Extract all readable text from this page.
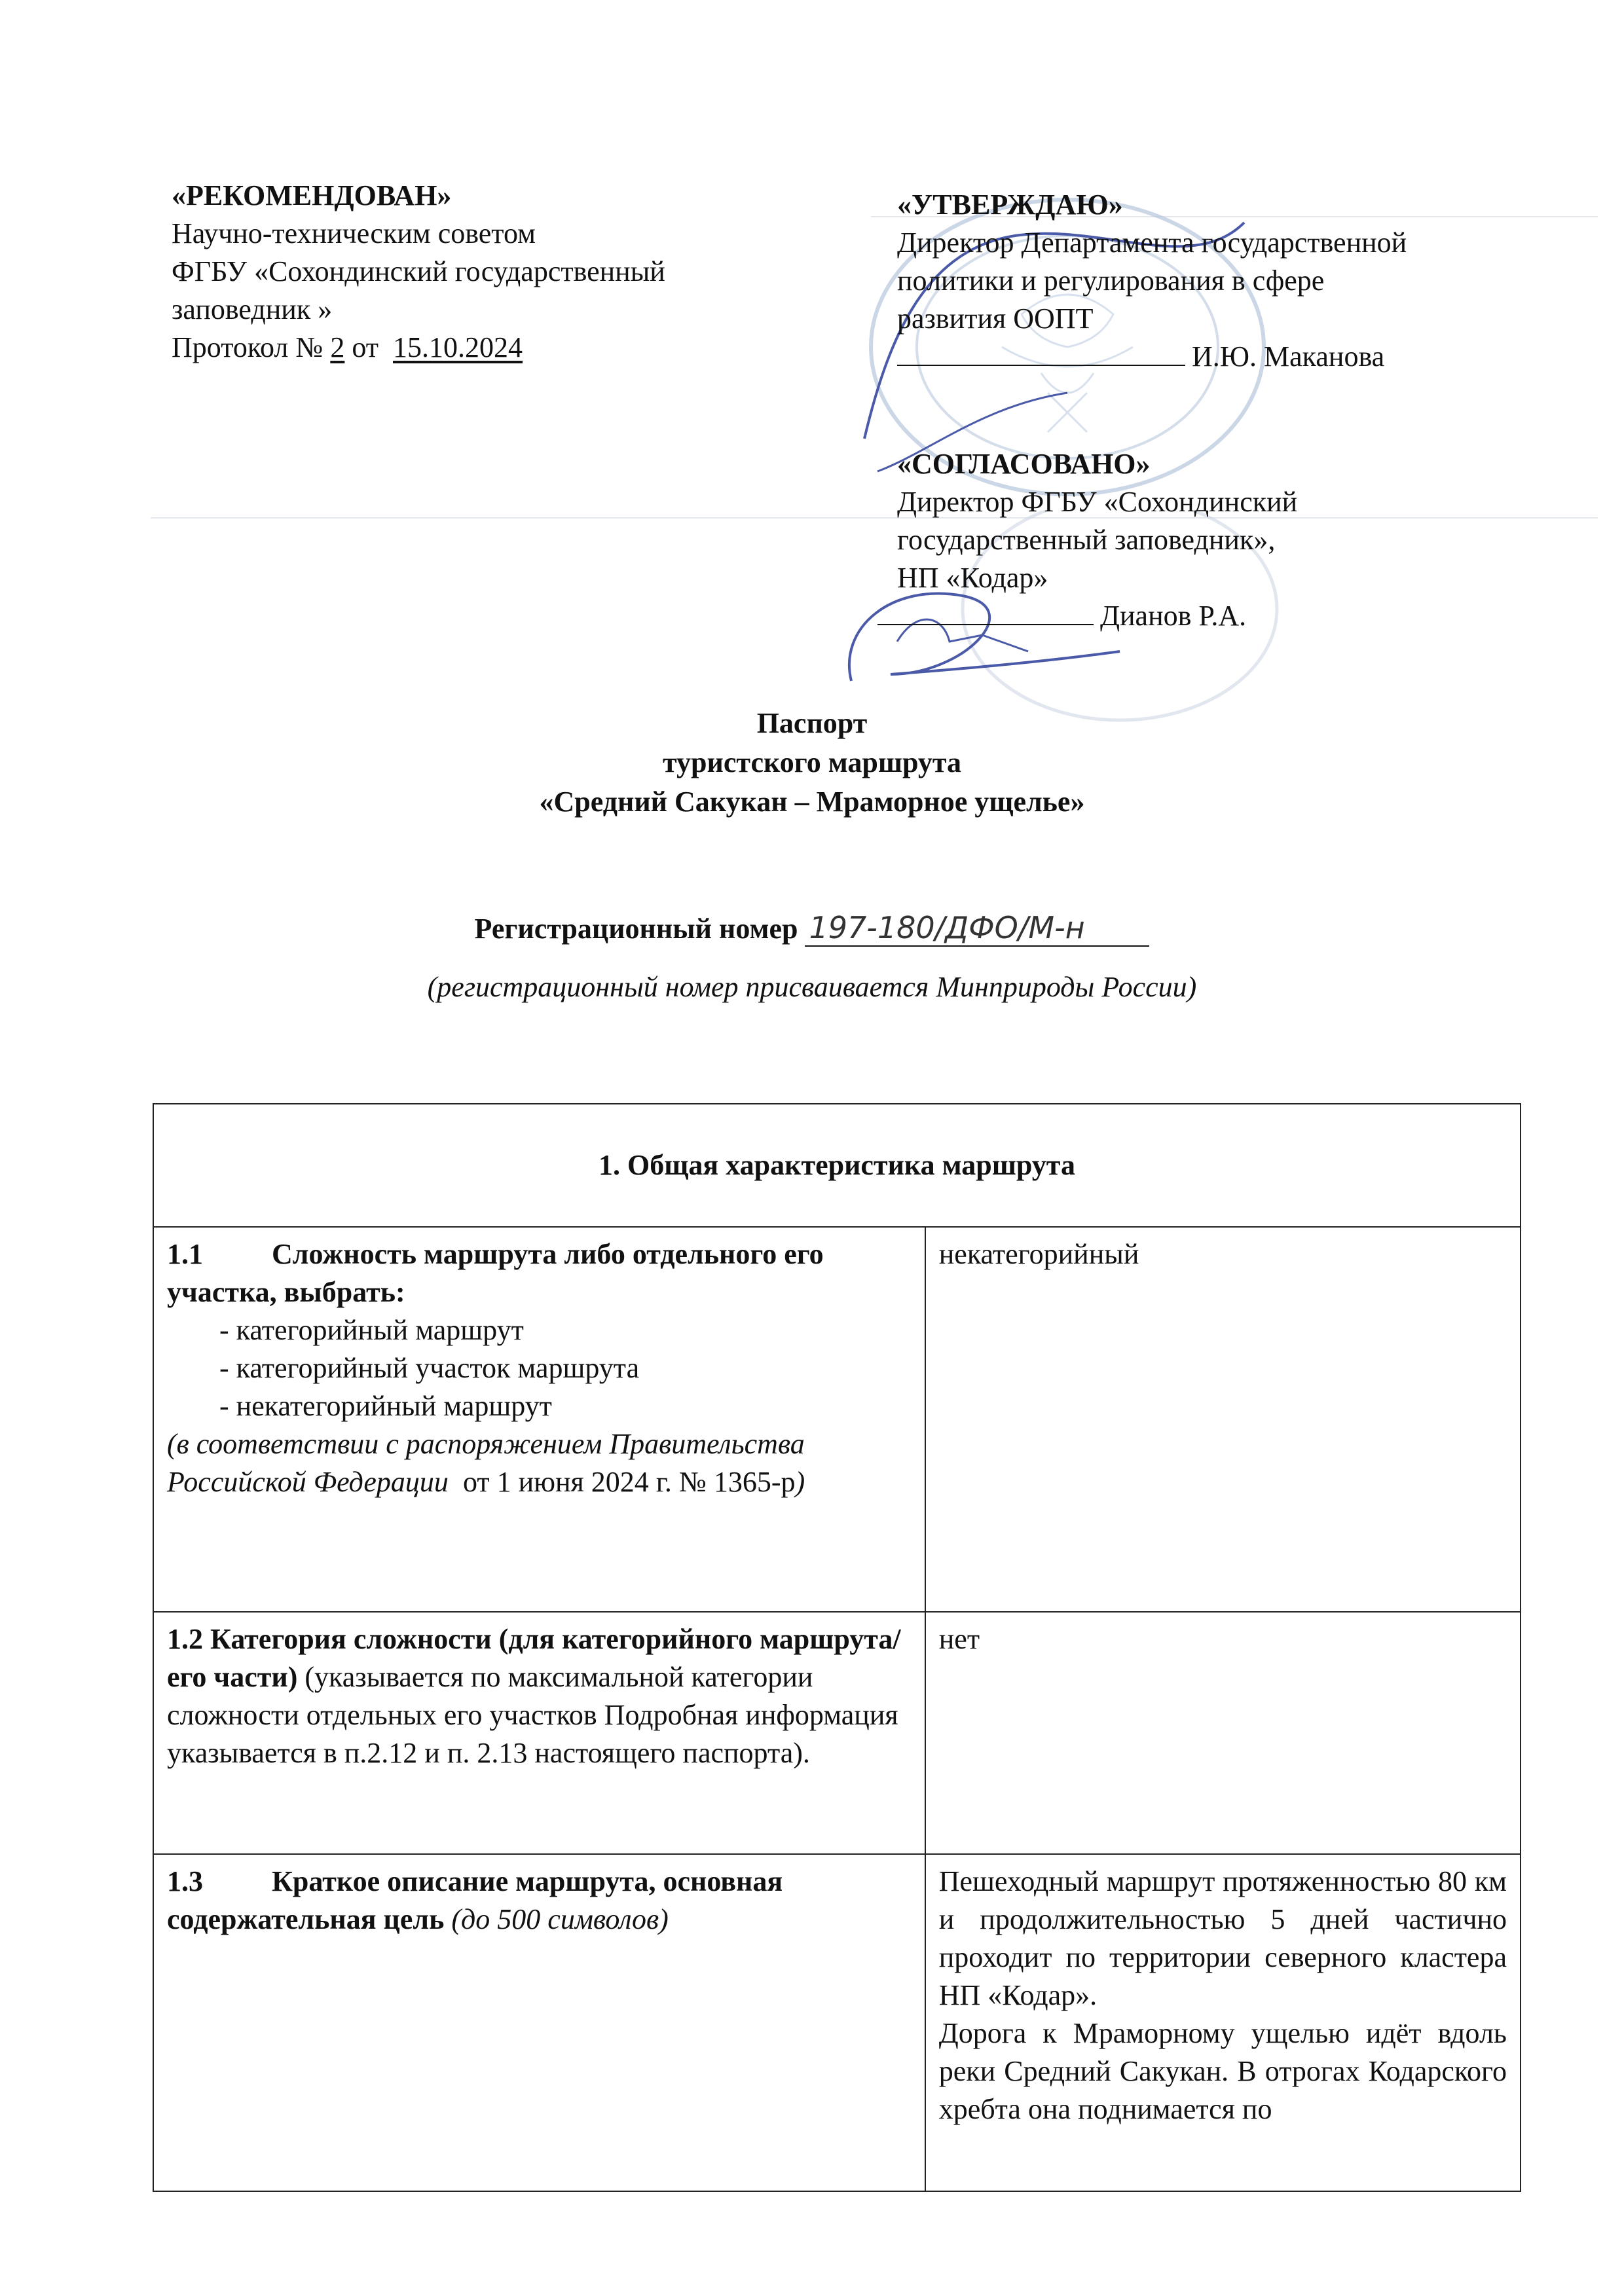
«РЕКОМЕНДОВАН»
Научно-техническим советом
ФГБУ «Сохондинский государственный
заповедник »
Протокол № 2 от 15.10.2024
«УТВЕРЖДАЮ»
Директор Департамента государственной
политики и регулирования в сфере
развития ООПТ
И.Ю. Маканова
«СОГЛАСОВАНО»
Директор ФГБУ «Сохондинский
государственный заповедник»,
НП «Кодар»
Дианов Р.А.
Паспорт
туристского маршрута
«Средний Сакукан – Мраморное ущелье»
Регистрационный номер 197-180/ДФО/М-н
(регистрационный номер присваивается Минприроды России)
1. Общая характеристика маршрута	

1.1 Сложность маршрута либо отдельного его участка, выбрать:
- категорийный маршрут
- категорийный участок маршрута
- некатегорийный маршрут
(в соответствии с распоряжением Правительства Российской Федерации от 1 июня 2024 г. № 1365-р)	некатегорийный
1.2 Категория сложности (для категорийного маршрута/его части) (указывается по максимальной категории сложности отдельных его участков Подробная информация указывается в п.2.12 и п. 2.13 настоящего паспорта).	нет
1.3 Краткое описание маршрута, основная содержательная цель (до 500 символов)	Пешеходный маршрут протяженностью 80 км и продолжительностью 5 дней частично проходит по территории северного кластера НП «Кодар».
Дорога к Мраморному ущелью идёт вдоль реки Средний Сакукан. В отрогах Кодарского хребта она поднимается по
